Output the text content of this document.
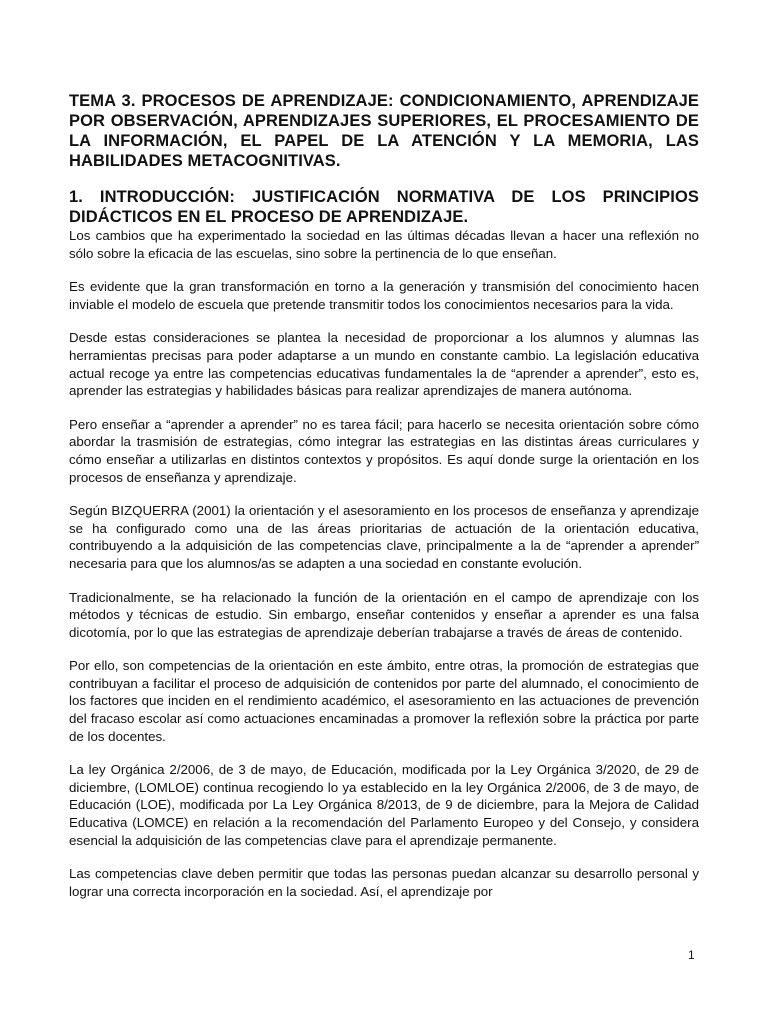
TEMA 3. PROCESOS DE APRENDIZAJE: CONDICIONAMIENTO, APRENDIZAJE POR OBSERVACIÓN, APRENDIZAJES SUPERIORES, EL PROCESAMIENTO DE LA INFORMACIÓN, EL PAPEL DE LA ATENCIÓN Y LA MEMORIA, LAS HABILIDADES METACOGNITIVAS.
1. INTRODUCCIÓN: JUSTIFICACIÓN NORMATIVA DE LOS PRINCIPIOS DIDÁCTICOS EN EL PROCESO DE APRENDIZAJE.

Los cambios que ha experimentado la sociedad en las últimas décadas llevan a hacer una reflexión no sólo sobre la eficacia de las escuelas, sino sobre la pertinencia de lo que enseñan.

Es evidente que la gran transformación en torno a la generación y transmisión del conocimiento hacen inviable el modelo de escuela que pretende transmitir todos los conocimientos necesarios para la vida.

Desde estas consideraciones se plantea la necesidad de proporcionar a los alumnos y alumnas las herramientas precisas para poder adaptarse a un mundo en constante cambio. La legislación educativa actual recoge ya entre las competencias educativas fundamentales la de “aprender a aprender”, esto es, aprender las estrategias y habilidades básicas para realizar aprendizajes de manera autónoma.

Pero enseñar a “aprender a aprender” no es tarea fácil; para hacerlo se necesita orientación sobre cómo abordar la trasmisión de estrategias, cómo integrar las estrategias en las distintas áreas curriculares y cómo enseñar a utilizarlas en distintos contextos y propósitos. Es aquí donde surge la orientación en los procesos de enseñanza y aprendizaje.

Según BIZQUERRA (2001) la orientación y el asesoramiento en los procesos de enseñanza y aprendizaje se ha configurado como una de las áreas prioritarias de actuación de la orientación educativa, contribuyendo a la adquisición de las competencias clave, principalmente a la de “aprender a aprender” necesaria para que los alumnos/as se adapten a una sociedad en constante evolución.

Tradicionalmente, se ha relacionado la función de la orientación en el campo de aprendizaje con los métodos y técnicas de estudio. Sin embargo, enseñar contenidos y enseñar a aprender es una falsa dicotomía, por lo que las estrategias de aprendizaje deberían trabajarse a través de áreas de contenido.

Por ello, son competencias de la orientación en este ámbito, entre otras, la promoción de estrategias que contribuyan a facilitar el proceso de adquisición de contenidos por parte del alumnado, el conocimiento de los factores que inciden en el rendimiento académico, el asesoramiento en las actuaciones de prevención del fracaso escolar así como actuaciones encaminadas a promover la reflexión sobre la práctica por parte de los docentes.

La ley Orgánica 2/2006, de 3 de mayo, de Educación, modificada por la Ley Orgánica 3/2020, de 29 de diciembre, (LOMLOE) continua recogiendo lo ya establecido en la ley Orgánica 2/2006, de 3 de mayo, de Educación (LOE), modificada por La Ley Orgánica 8/2013, de 9 de diciembre, para la Mejora de Calidad Educativa (LOMCE) en relación a la recomendación del Parlamento Europeo y del Consejo, y considera esencial la adquisición de las competencias clave para el aprendizaje permanente.

Las competencias clave deben permitir que todas las personas puedan alcanzar su desarrollo personal y lograr una correcta incorporación en la sociedad. Así, el aprendizaje por

1
